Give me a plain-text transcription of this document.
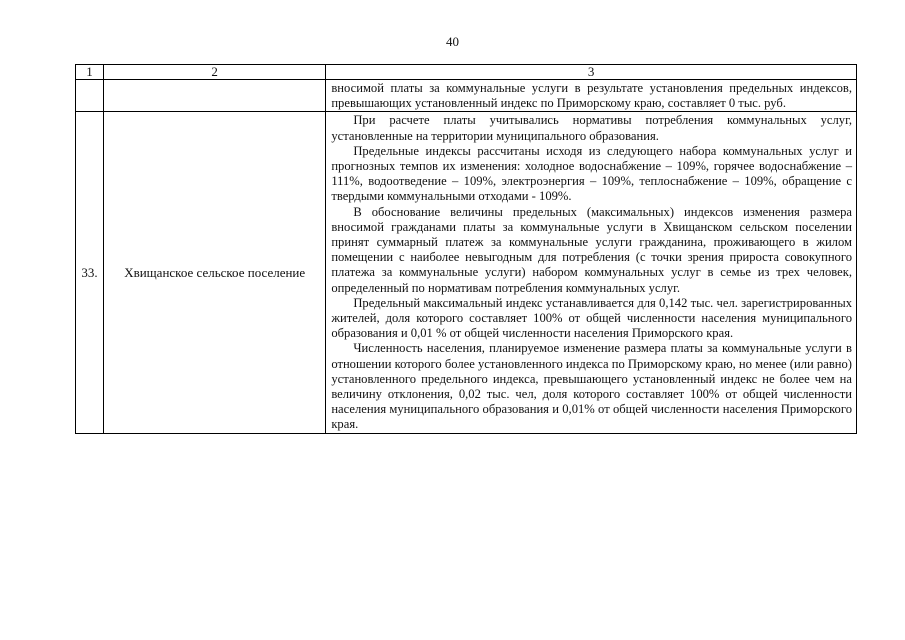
40
1	2	3

		вносимой платы за коммунальные услуги в результате установления предельных индексов, превышающих установленный индекс по Приморскому краю, составляет 0 тыс. руб.

33.	Хвищанское сельское поселение	При расчете платы учитывались нормативы потребления коммунальных услуг, установленные на территории муниципального образования.

Предельные индексы рассчитаны исходя из следующего набора коммунальных услуг и прогнозных темпов их изменения: холодное водоснабжение – 109%, горячее водоснабжение – 111%, водоотведение – 109%, электроэнергия – 109%, теплоснабжение – 109%, обращение с твердыми коммунальными отходами - 109%.

В обоснование величины предельных (максимальных) индексов изменения размера вносимой гражданами платы за коммунальные услуги в Хвищанском сельском поселении принят суммарный платеж за коммунальные услуги гражданина, проживающего в жилом помещении с наиболее невыгодным для потребления (с точки зрения прироста совокупного платежа за коммунальные услуги) набором коммунальных услуг в семье из трех человек, определенный по нормативам потребления коммунальных услуг.

Предельный максимальный индекс устанавливается для 0,142 тыс. чел. зарегистрированных жителей, доля которого составляет 100% от общей численности населения муниципального образования и 0,01 % от общей численности населения Приморского края.

Численность населения, планируемое изменение размера платы за коммунальные услуги в отношении которого более установленного индекса по Приморскому краю, но менее (или равно) установленного предельного индекса, превышающего установленный индекс не более чем на величину отклонения, 0,02 тыс. чел, доля которого составляет 100% от общей численности населения муниципального образования и 0,01% от общей численности населения Приморского края.
